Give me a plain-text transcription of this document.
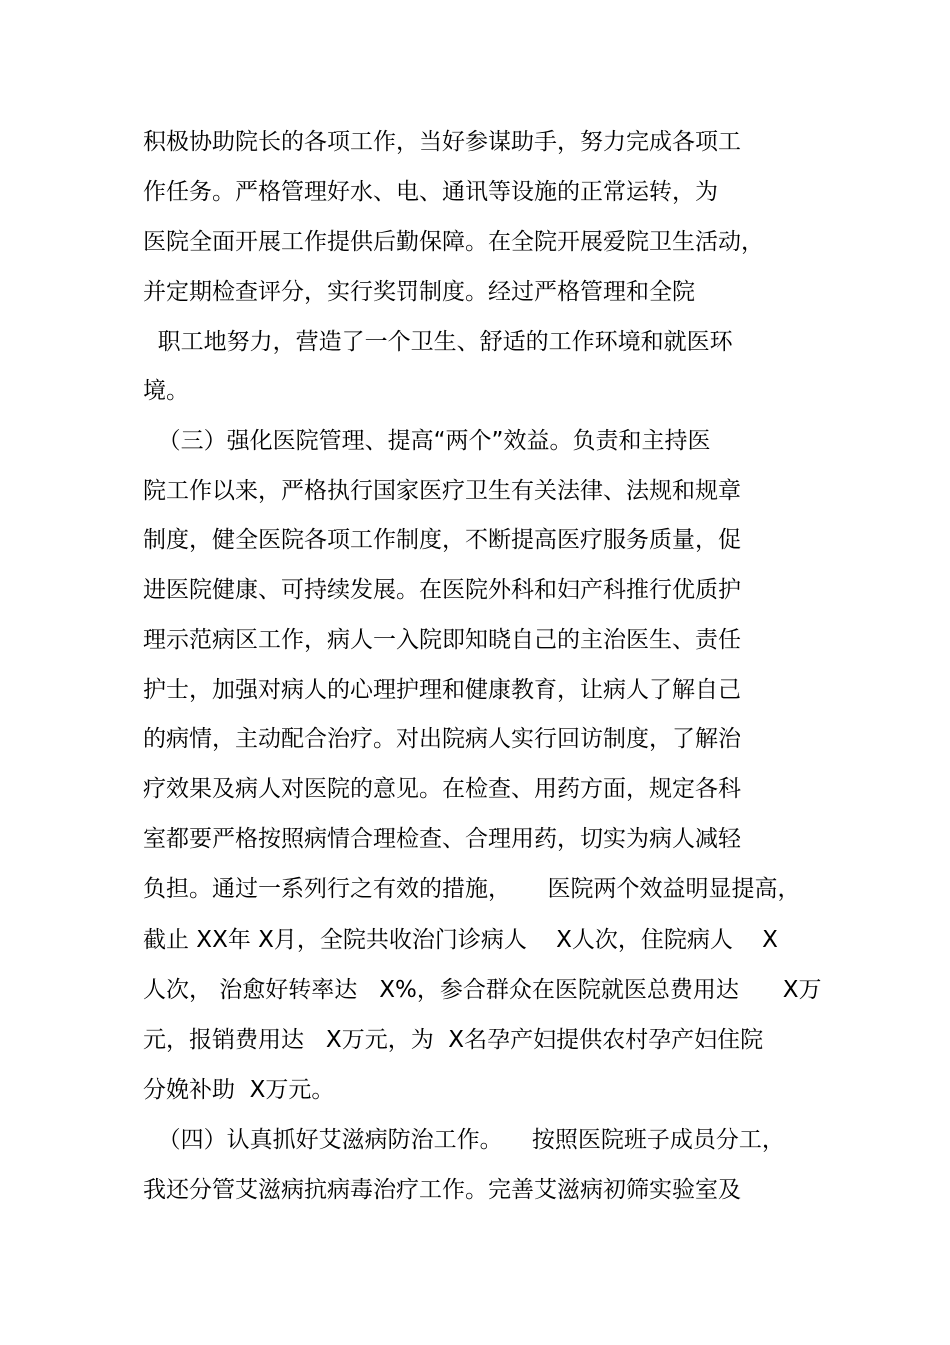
积极协助院长的各项工作，当好参谋助手，努力完成各项工
作任务。严格管理好水、电、通讯等设施的正常运转，为
医院全面开展工作提供后勤保障。在全院开展爱院卫生活动，
并定期检查评分，实行奖罚制度。经过严格管理和全院
职工地努力，营造了一个卫生、舒适的工作环境和就医环
境。
（三）强化医院管理、提高“两个”效益。负责和主持医
院工作以来，严格执行国家医疗卫生有关法律、法规和规章
制度，健全医院各项工作制度，不断提高医疗服务质量，促
进医院健康、可持续发展。在医院外科和妇产科推行优质护
理示范病区工作，病人一入院即知晓自己的主治医生、责任
护士，加强对病人的心理护理和健康教育，让病人了解自己
的病情，主动配合治疗。对出院病人实行回访制度，了解治
疗效果及病人对医院的意见。在检查、用药方面，规定各科
室都要严格按照病情合理检查、合理用药，切实为病人减轻
负担。通过一系列行之有效的措施，     医院两个效益明显提高，
截止 XX年 X月，全院共收治门诊病人    X人次，住院病人    X
人次， 治愈好转率达   X%，参合群众在医院就医总费用达      X万
元，报销费用达   X万元，为  X名孕产妇提供农村孕产妇住院
分娩补助  X万元。
（四）认真抓好艾滋病防治工作。    按照医院班子成员分工，
我还分管艾滋病抗病毒治疗工作。完善艾滋病初筛实验室及
